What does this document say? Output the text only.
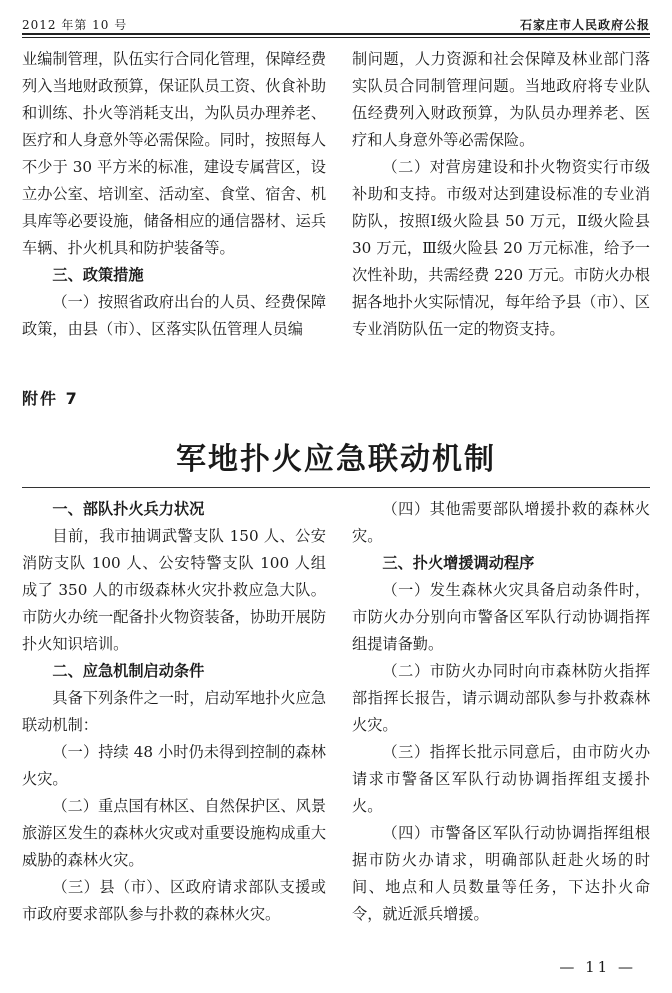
2012 年第 10 号	石家庄市人民政府公报

业编制管理，队伍实行合同化管理，保障经费列入当地财政预算，保证队员工资、伙食补助和训练、扑火等消耗支出，为队员办理养老、医疗和人身意外等必需保险。同时，按照每人不少于 30 平方米的标准，建设专属营区，设立办公室、培训室、活动室、食堂、宿舍、机具库等必要设施，储备相应的通信器材、运兵车辆、扑火机具和防护装备等。

三、政策措施

（一）按照省政府出台的人员、经费保障政策，由县（市）、区落实队伍管理人员编

制问题，人力资源和社会保障及林业部门落实队员合同制管理问题。当地政府将专业队伍经费列入财政预算，为队员办理养老、医疗和人身意外等必需保险。

（二）对营房建设和扑火物资实行市级补助和支持。市级对达到建设标准的专业消防队，按照Ⅰ级火险县 50 万元，Ⅱ级火险县 30 万元，Ⅲ级火险县 20 万元标准，给予一次性补助，共需经费 220 万元。市防火办根据各地扑火实际情况，每年给予县（市）、区专业消防队伍一定的物资支持。

附件 7
军地扑火应急联动机制
一、部队扑火兵力状况

目前，我市抽调武警支队 150 人、公安消防支队 100 人、公安特警支队 100 人组成了 350 人的市级森林火灾扑救应急大队。市防火办统一配备扑火物资装备，协助开展防扑火知识培训。

二、应急机制启动条件

具备下列条件之一时，启动军地扑火应急联动机制：

（一）持续 48 小时仍未得到控制的森林火灾。

（二）重点国有林区、自然保护区、风景旅游区发生的森林火灾或对重要设施构成重大威胁的森林火灾。

（三）县（市）、区政府请求部队支援或市政府要求部队参与扑救的森林火灾。

（四）其他需要部队增援扑救的森林火灾。

三、扑火增援调动程序

（一）发生森林火灾具备启动条件时，市防火办分别向市警备区军队行动协调指挥组提请备勤。

（二）市防火办同时向市森林防火指挥部指挥长报告，请示调动部队参与扑救森林火灾。

（三）指挥长批示同意后，由市防火办请求市警备区军队行动协调指挥组支援扑火。

（四）市警备区军队行动协调指挥组根据市防火办请求，明确部队赶赴火场的时间、地点和人员数量等任务，下达扑火命令，就近派兵增援。

— 11 —
